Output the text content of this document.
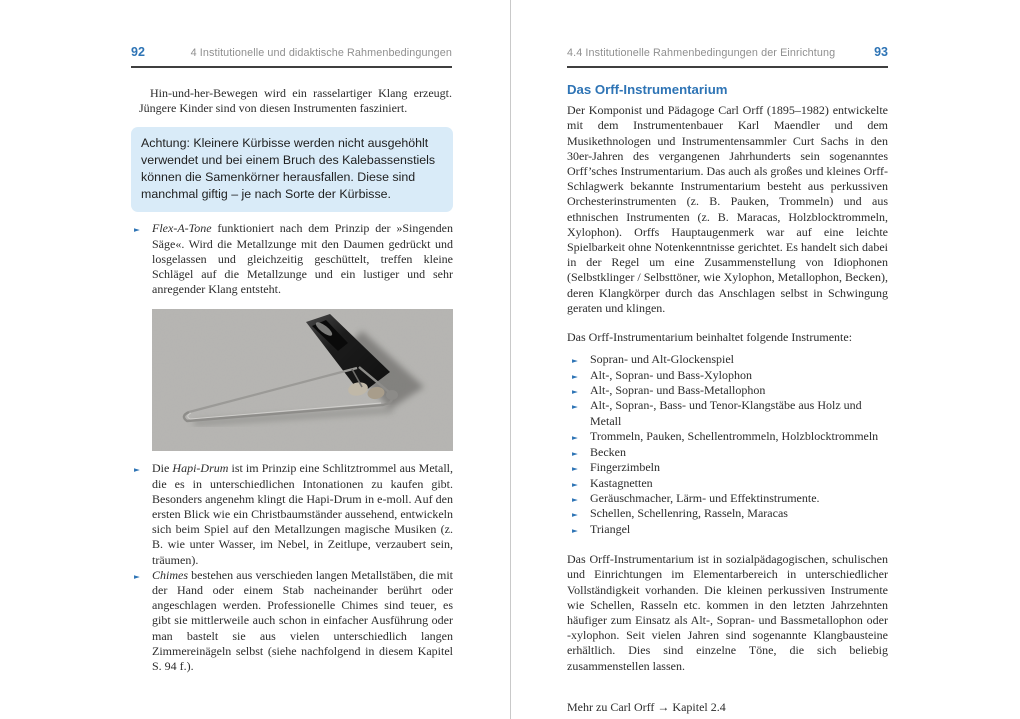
92	4 Institutionelle und didaktische Rahmenbedingungen

Hin-und-her-Bewegen wird ein rasselartiger Klang erzeugt. Jüngere Kinder sind von diesen Instrumenten fasziniert.

Achtung: Kleinere Kürbisse werden nicht ausgehöhlt verwendet und bei einem Bruch des Kalebassenstiels können die Samenkörner herausfallen. Diese sind manchmal giftig – je nach Sorte der Kürbisse.
► Flex-A-Tone funktioniert nach dem Prinzip der »Singenden Säge«. Wird die Metallzunge mit den Daumen gedrückt und losgelassen und gleichzeitig geschüttelt, treffen kleine Schlägel auf die Metallzunge und ein lustiger und sehr anregender Klang entsteht.
► Die Hapi-Drum ist im Prinzip eine Schlitztrommel aus Metall, die es in unterschiedlichen Intonationen zu kaufen gibt. Besonders angenehm klingt die Hapi-Drum in e-moll. Auf den ersten Blick wie ein Christbaumständer aussehend, entwickeln sich beim Spiel auf den Metallzungen magische Musiken (z. B. wie unter Wasser, im Nebel, in Zeitlupe, verzaubert sein, träumen).
► Chimes bestehen aus verschieden langen Metallstäben, die mit der Hand oder einem Stab nacheinander berührt oder angeschlagen werden. Professionelle Chimes sind teuer, es gibt sie mittlerweile auch schon in einfacher Ausführung oder man bastelt sie aus vielen unterschiedlich langen Zimmereinägeln selbst (siehe nachfolgend in diesem Kapitel S. 94 f.).
4.4 Institutionelle Rahmenbedingungen der Einrichtung	93
Das Orff-Instrumentarium

Der Komponist und Pädagoge Carl Orff (1895–1982) entwickelte mit dem Instrumentenbauer Karl Maendler und dem Musikethnologen und Instrumentensammler Curt Sachs in den 30er-Jahren des vergangenen Jahrhunderts sein sogenanntes Orff’sches Instrumentarium. Das auch als großes und kleines Orff-Schlagwerk bekannte Instrumentarium besteht aus perkussiven Orchesterinstrumenten (z. B. Pauken, Trommeln) und aus ethnischen Instrumenten (z. B. Maracas, Holzblocktrommeln, Xylophon). Orffs Hauptaugenmerk war auf eine leichte Spielbarkeit ohne Notenkenntnisse gerichtet. Es handelt sich dabei in der Regel um eine Zusammenstellung von Idiophonen (Selbstklinger / Selbsttöner, wie Xylophon, Metallophon, Becken), deren Klangkörper durch das Anschlagen selbst in Schwingung geraten und klingen.

Das Orff-Instrumentarium beinhaltet folgende Instrumente:

► Sopran- und Alt-Glockenspiel
► Alt-, Sopran- und Bass-Xylophon
► Alt-, Sopran- und Bass-Metallophon
► Alt-, Sopran-, Bass- und Tenor-Klangstäbe aus Holz und Metall
► Trommeln, Pauken, Schellentrommeln, Holzblocktrommeln
► Becken
► Fingerzimbeln
► Kastagnetten
► Geräuschmacher, Lärm- und Effektinstrumente.
► Schellen, Schellenring, Rasseln, Maracas
► Triangel

Das Orff-Instrumentarium ist in sozialpädagogischen, schulischen und Einrichtungen im Elementarbereich in unterschiedlicher Vollständigkeit vorhanden. Die kleinen perkussiven Instrumente wie Schellen, Rasseln etc. kommen in den letzten Jahrzehnten häufiger zum Einsatz als Alt-, Sopran- und Bassmetallophon oder -xylophon. Seit vielen Jahren sind sogenannte Klangbausteine erhältlich. Dies sind einzelne Töne, die sich beliebig zusammenstellen lassen.

Mehr zu Carl Orff → Kapitel 2.4
